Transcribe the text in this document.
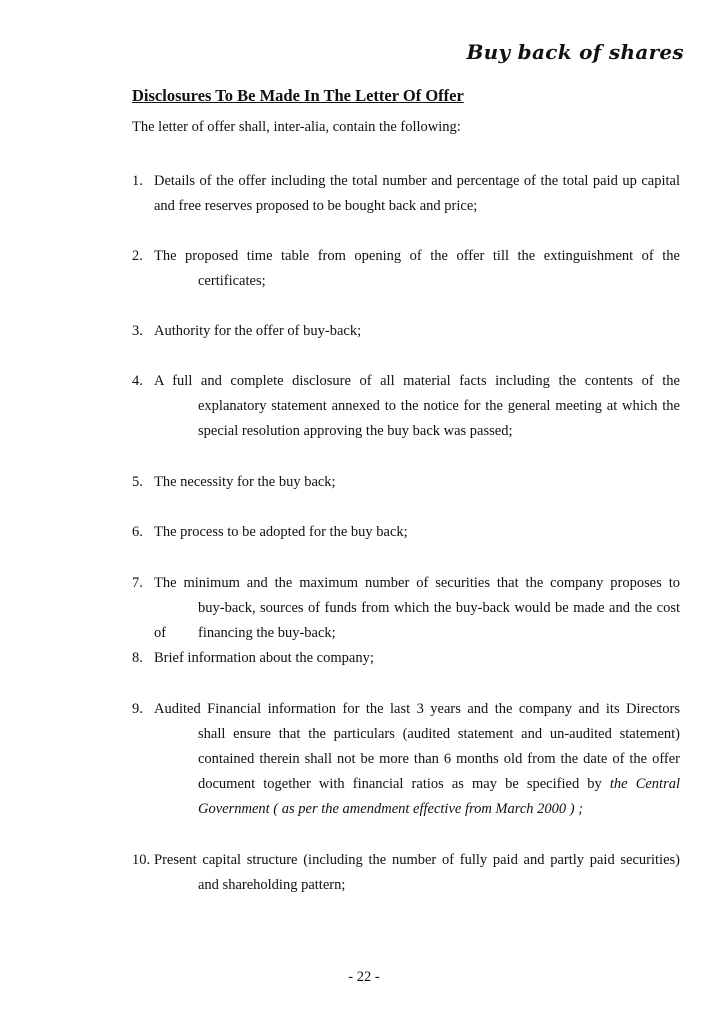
Buy back of shares
Disclosures To Be Made In The Letter Of Offer
The letter of offer shall, inter-alia, contain the following:
1. Details of the offer including the total number and percentage of the total paid up capital
and free reserves proposed to be bought back and price;
2. The proposed time table from opening of the offer till the extinguishment of the
certificates;
3. Authority for the offer of buy-back;
4. A full and complete disclosure of all material facts including the contents of the
explanatory statement annexed to the notice for the general meeting at which the
special resolution approving the buy back was passed;
5. The necessity for the buy back;
6. The process to be adopted for the buy back;
7. The minimum and the maximum number of securities that the company proposes to
buy-back, sources of funds from which the buy-back would be made and the cost
of financing the buy-back;
8. Brief information about the company;
9. Audited Financial information for the last 3 years and the company and its Directors
shall ensure that the particulars (audited statement and un-audited statement)
contained therein shall not be more than 6 months old from the date of the offer
document together with financial ratios as may be specified by the Central
Government ( as per the amendment effective from March 2000 ) ;
10. Present capital structure (including the number of fully paid and partly paid securities)
and shareholding pattern;
- 22 -
